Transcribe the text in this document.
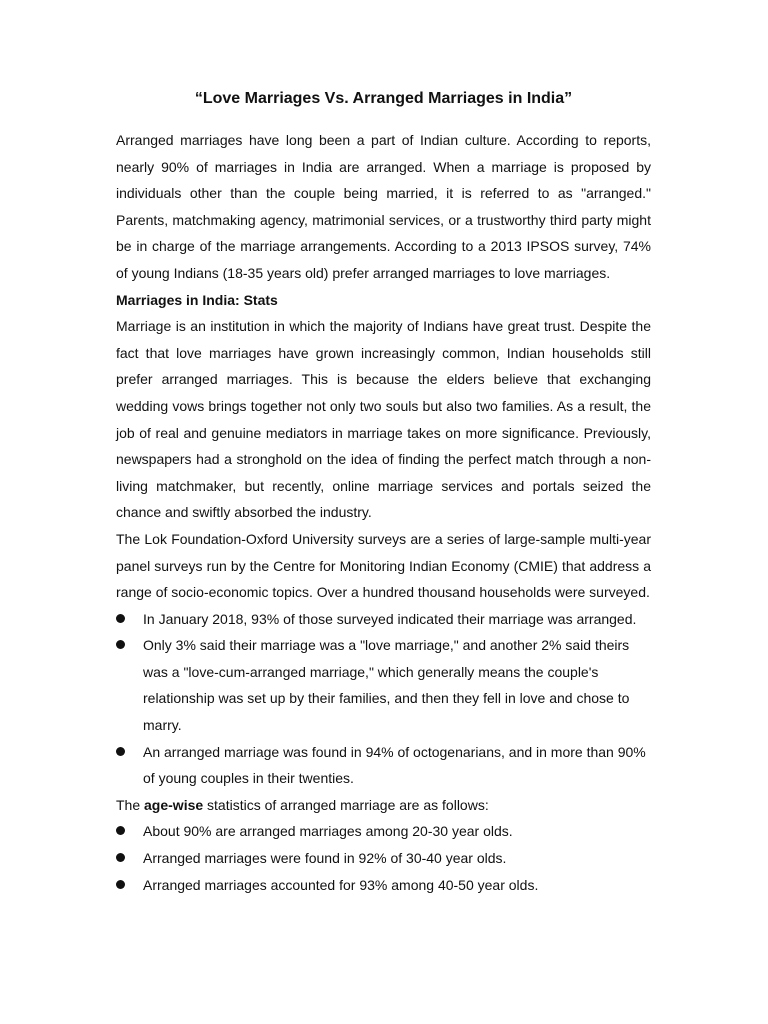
“Love Marriages Vs. Arranged Marriages in India”

Arranged marriages have long been a part of Indian culture. According to reports, nearly 90% of marriages in India are arranged. When a marriage is proposed by individuals other than the couple being married, it is referred to as "arranged." Parents, matchmaking agency, matrimonial services, or a trustworthy third party might be in charge of the marriage arrangements. According to a 2013 IPSOS survey, 74% of young Indians (18-35 years old) prefer arranged marriages to love marriages.

Marriages in India: Stats

Marriage is an institution in which the majority of Indians have great trust. Despite the fact that love marriages have grown increasingly common, Indian households still prefer arranged marriages. This is because the elders believe that exchanging wedding vows brings together not only two souls but also two families. As a result, the job of real and genuine mediators in marriage takes on more significance. Previously, newspapers had a stronghold on the idea of finding the perfect match through a non-living matchmaker, but recently, online marriage services and portals seized the chance and swiftly absorbed the industry.

The Lok Foundation-Oxford University surveys are a series of large-sample multi-year panel surveys run by the Centre for Monitoring Indian Economy (CMIE) that address a range of socio-economic topics. Over a hundred thousand households were surveyed.

In January 2018, 93% of those surveyed indicated their marriage was arranged.
Only 3% said their marriage was a "love marriage," and another 2% said theirs was a "love-cum-arranged marriage," which generally means the couple's relationship was set up by their families, and then they fell in love and chose to marry.
An arranged marriage was found in 94% of octogenarians, and in more than 90% of young couples in their twenties.

The age-wise statistics of arranged marriage are as follows:

About 90% are arranged marriages among 20-30 year olds.
Arranged marriages were found in 92% of 30-40 year olds.
Arranged marriages accounted for 93% among 40-50 year olds.
